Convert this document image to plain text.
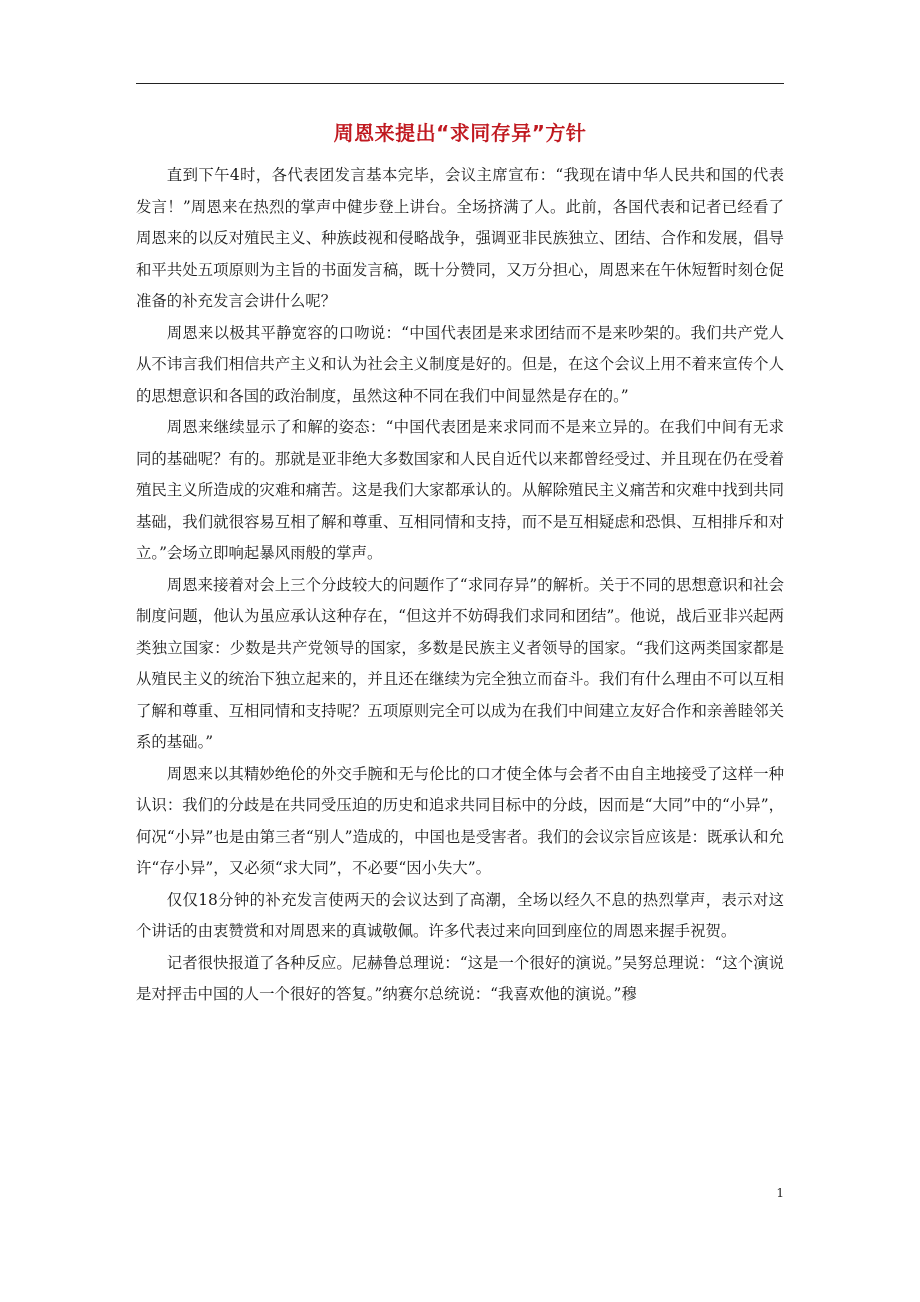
周恩来提出“求同存异”方针

直到下午4时，各代表团发言基本完毕，会议主席宣布：“我现在请中华人民共和国的代表发言！”周恩来在热烈的掌声中健步登上讲台。全场挤满了人。此前，各国代表和记者已经看了周恩来的以反对殖民主义、种族歧视和侵略战争，强调亚非民族独立、团结、合作和发展，倡导和平共处五项原则为主旨的书面发言稿，既十分赞同，又万分担心，周恩来在午休短暂时刻仓促准备的补充发言会讲什么呢？

周恩来以极其平静宽容的口吻说：“中国代表团是来求团结而不是来吵架的。我们共产党人从不讳言我们相信共产主义和认为社会主义制度是好的。但是，在这个会议上用不着来宣传个人的思想意识和各国的政治制度，虽然这种不同在我们中间显然是存在的。”

周恩来继续显示了和解的姿态：“中国代表团是来求同而不是来立异的。在我们中间有无求同的基础呢？有的。那就是亚非绝大多数国家和人民自近代以来都曾经受过、并且现在仍在受着殖民主义所造成的灾难和痛苦。这是我们大家都承认的。从解除殖民主义痛苦和灾难中找到共同基础，我们就很容易互相了解和尊重、互相同情和支持，而不是互相疑虑和恐惧、互相排斥和对立。”会场立即响起暴风雨般的掌声。

周恩来接着对会上三个分歧较大的问题作了“求同存异”的解析。关于不同的思想意识和社会制度问题，他认为虽应承认这种存在，“但这并不妨碍我们求同和团结”。他说，战后亚非兴起两类独立国家：少数是共产党领导的国家，多数是民族主义者领导的国家。“我们这两类国家都是从殖民主义的统治下独立起来的，并且还在继续为完全独立而奋斗。我们有什么理由不可以互相了解和尊重、互相同情和支持呢？五项原则完全可以成为在我们中间建立友好合作和亲善睦邻关系的基础。”

周恩来以其精妙绝伦的外交手腕和无与伦比的口才使全体与会者不由自主地接受了这样一种认识：我们的分歧是在共同受压迫的历史和追求共同目标中的分歧，因而是“大同”中的“小异”，何况“小异”也是由第三者“别人”造成的，中国也是受害者。我们的会议宗旨应该是：既承认和允许“存小异”，又必须“求大同”，不必要“因小失大”。

仅仅18分钟的补充发言使两天的会议达到了高潮，全场以经久不息的热烈掌声，表示对这个讲话的由衷赞赏和对周恩来的真诚敬佩。许多代表过来向回到座位的周恩来握手祝贺。

记者很快报道了各种反应。尼赫鲁总理说：“这是一个很好的演说。”吴努总理说：“这个演说是对抨击中国的人一个很好的答复。”纳赛尔总统说：“我喜欢他的演说。”穆

1
